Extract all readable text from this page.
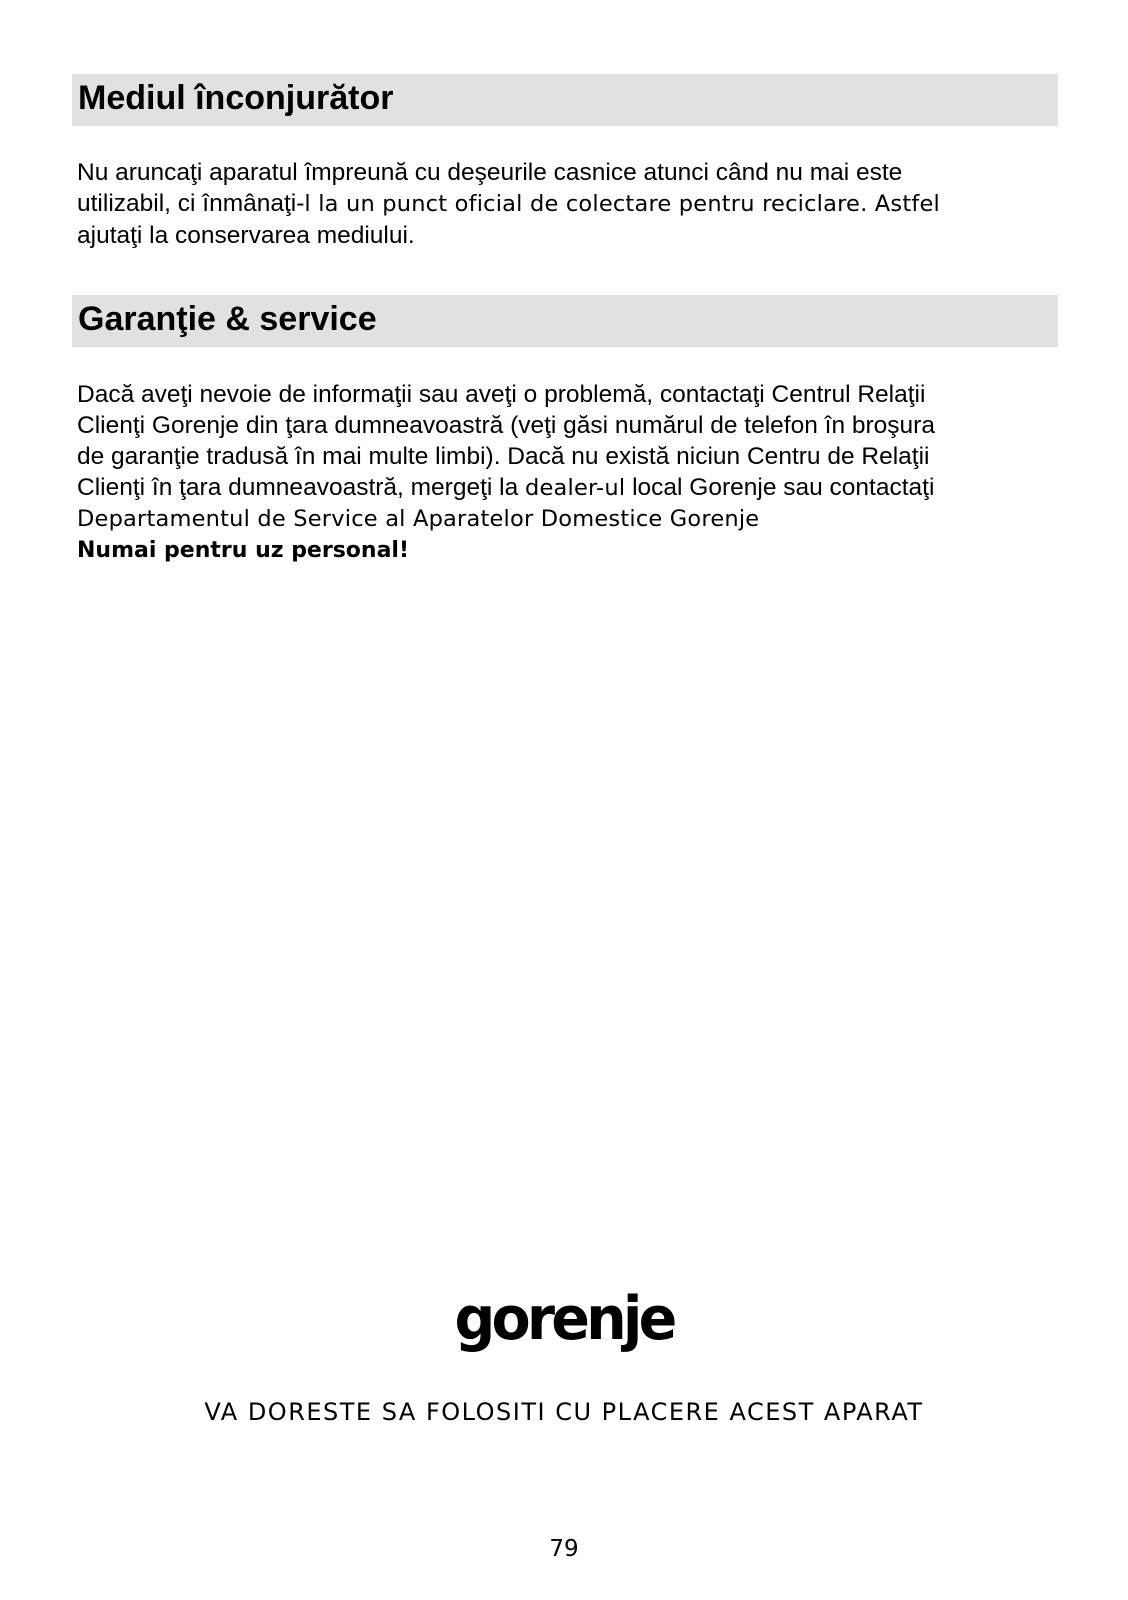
Mediul înconjurător
Nu aruncaţi aparatul împreună cu deşeurile casnice atunci când nu mai este
utilizabil, ci înmânaţi-l la un punct oficial de colectare pentru reciclare. Astfel
ajutaţi la conservarea mediului.
Garanţie & service
Dacă aveţi nevoie de informaţii sau aveţi o problemă, contactaţi Centrul Relaţii
Clienţi Gorenje din ţara dumneavoastră (veţi găsi numărul de telefon în broşura
de garanţie tradusă în mai multe limbi). Dacă nu există niciun Centru de Relaţii
Clienţi în ţara dumneavoastră, mergeţi la dealer-ul local Gorenje sau contactaţi
Departamentul de Service al Aparatelor Domestice Gorenje
Numai pentru uz personal!
gorenje
VA DORESTE SA FOLOSITI CU PLACERE ACEST APARAT
79
